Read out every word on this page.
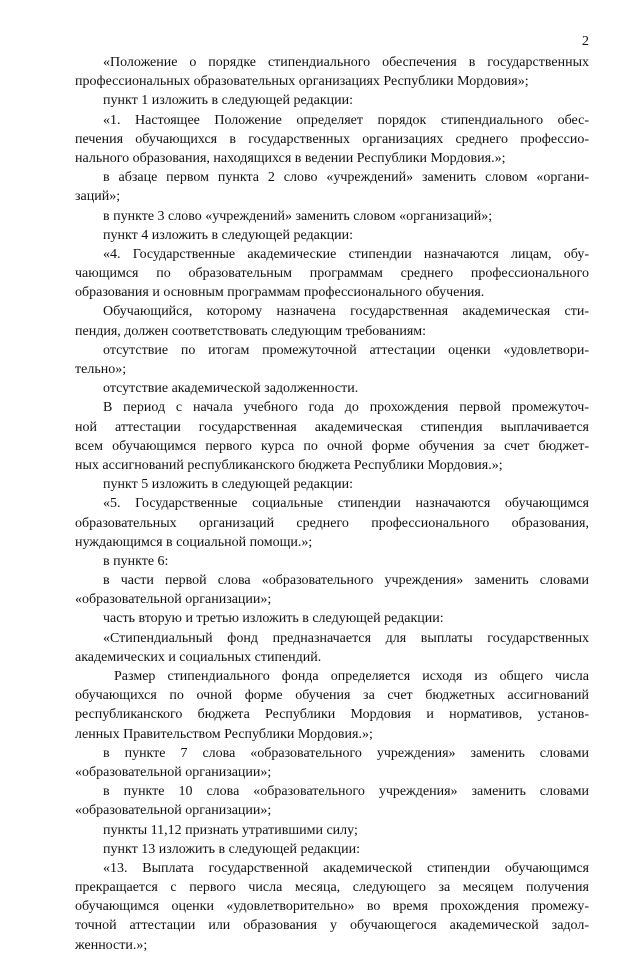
2
«Положение о порядке стипендиального обеспечения в государственных
профессиональных образовательных организациях Республики Мордовия»;
пункт 1 изложить в следующей редакции:
«1. Настоящее Положение определяет порядок стипендиального обес-
печения обучающихся в государственных организациях среднего профессио-
нального образования, находящихся в ведении Республики Мордовия.»;
в абзаце первом пункта 2 слово «учреждений» заменить словом «органи-
заций»;
в пункте 3 слово «учреждений» заменить словом «организаций»;
пункт 4 изложить в следующей редакции:
«4. Государственные академические стипендии назначаются лицам, обу-
чающимся по образовательным программам среднего профессионального
образования и основным программам профессионального обучения.
Обучающийся, которому назначена государственная академическая сти-
пендия, должен соответствовать следующим требованиям:
отсутствие по итогам промежуточной аттестации оценки «удовлетвори-
тельно»;
отсутствие академической задолженности.
В период с начала учебного года до прохождения первой промежуточ-
ной аттестации государственная академическая стипендия выплачивается
всем обучающимся первого курса по очной форме обучения за счет бюджет-
ных ассигнований республиканского бюджета Республики Мордовия.»;
пункт 5 изложить в следующей редакции:
«5. Государственные социальные стипендии назначаются обучающимся
образовательных организаций среднего профессионального образования,
нуждающимся в социальной помощи.»;
в пункте 6:
в части первой слова «образовательного учреждения» заменить словами
«образовательной организации»;
часть вторую и третью изложить в следующей редакции:
«Стипендиальный фонд предназначается для выплаты государственных
академических и социальных стипендий.
Размер стипендиального фонда определяется исходя из общего числа
обучающихся по очной форме обучения за счет бюджетных ассигнований
республиканского бюджета Республики Мордовия и нормативов, установ-
ленных Правительством Республики Мордовия.»;
в пункте 7 слова «образовательного учреждения» заменить словами
«образовательной организации»;
в пункте 10 слова «образовательного учреждения» заменить словами
«образовательной организации»;
пункты 11,12 признать утратившими силу;
пункт 13 изложить в следующей редакции:
«13. Выплата государственной академической стипендии обучающимся
прекращается с первого числа месяца, следующего за месяцем получения
обучающимся оценки «удовлетворительно» во время прохождения промежу-
точной аттестации или образования у обучающегося академической задол-
женности.»;
